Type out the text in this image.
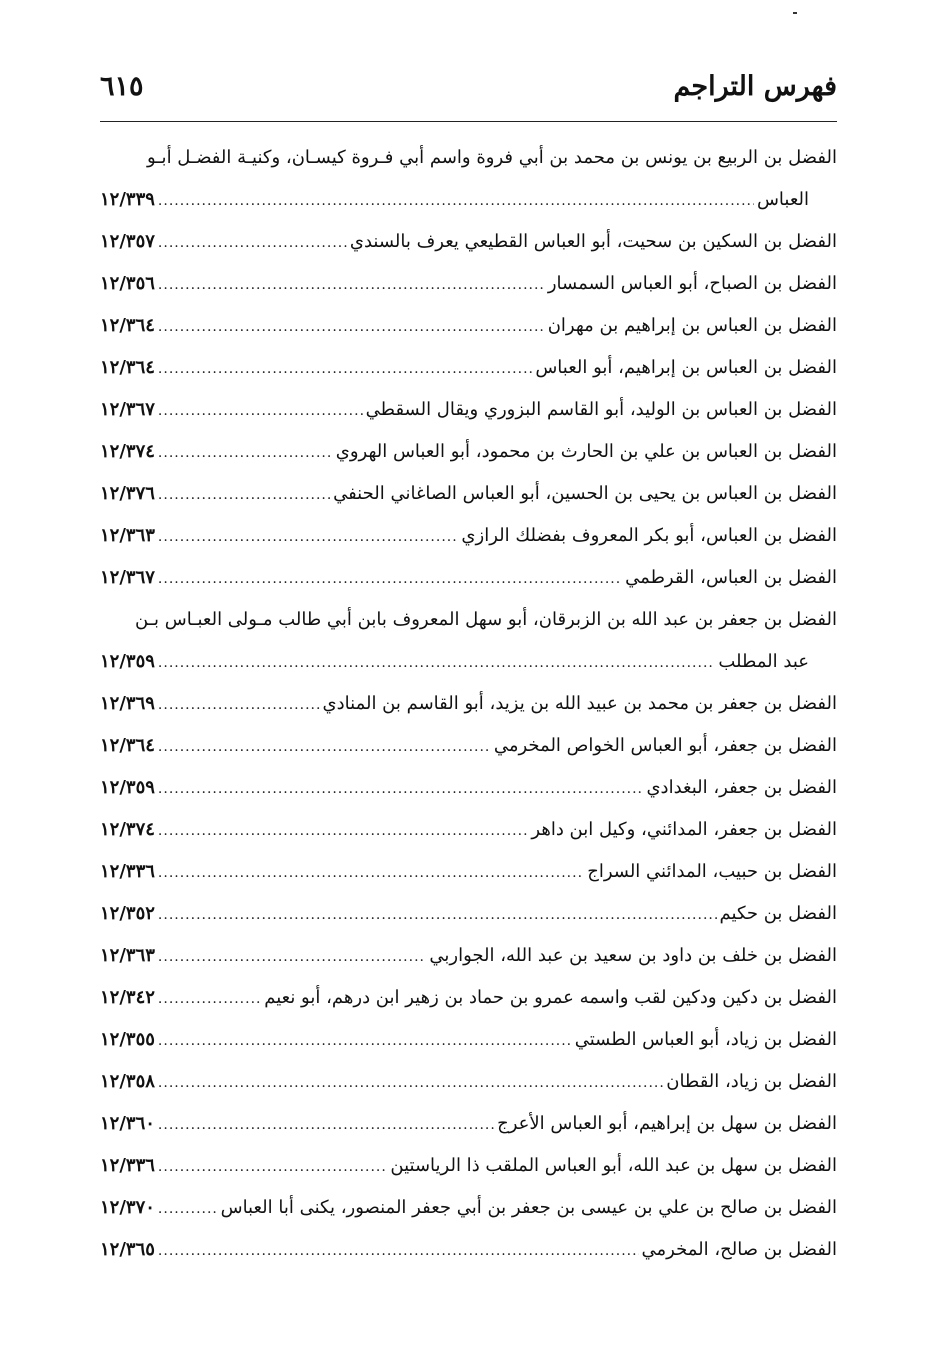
فهرس التراجم
٦١٥
الفضل بن الربيع بن يونس بن محمد بن أبي فروة واسم أبي فـروة كيسـان، وكنيـة الفضـل أبـو
العباس
.....
١٢/٣٣٩
الفضل بن السكين بن سحيت، أبو العباس القطيعي يعرف بالسندي
.....
١٢/٣٥٧
الفضل بن الصباح، أبو العباس السمسار
.....
١٢/٣٥٦
الفضل بن العباس بن إبراهيم بن مهران
.....
١٢/٣٦٤
الفضل بن العباس بن إبراهيم، أبو العباس
.....
١٢/٣٦٤
الفضل بن العباس بن الوليد، أبو القاسم البزوري ويقال السقطي
.....
١٢/٣٦٧
الفضل بن العباس بن علي بن الحارث بن محمود، أبو العباس الهروي
.....
١٢/٣٧٤
الفضل بن العباس بن يحيى بن الحسين، أبو العباس الصاغاني الحنفي
.....
١٢/٣٧٦
الفضل بن العباس، أبو بكر المعروف بفضلك الرازي
.....
١٢/٣٦٣
الفضل بن العباس، القرطمي
.....
١٢/٣٦٧
الفضل بن جعفر بن عبد الله بن الزبرقان، أبو سهل المعروف بابن أبي طالب مـولى العبـاس بـن
عبد المطلب
.....
١٢/٣٥٩
الفضل بن جعفر بن محمد بن عبيد الله بن يزيد، أبو القاسم بن المنادي
.....
١٢/٣٦٩
الفضل بن جعفر، أبو العباس الخواص المخرمي
.....
١٢/٣٦٤
الفضل بن جعفر، البغدادي
.....
١٢/٣٥٩
الفضل بن جعفر، المدائني، وكيل ابن داهر
.....
١٢/٣٧٤
الفضل بن حبيب، المدائني السراج
.....
١٢/٣٣٦
الفضل بن حكيم
.....
١٢/٣٥٢
الفضل بن خلف بن داود بن سعيد بن عبد الله، الجواربي
.....
١٢/٣٦٣
الفضل بن دكين ودكين لقب واسمه عمرو بن حماد بن زهير ابن درهم، أبو نعيم
.....
١٢/٣٤٢
الفضل بن زياد، أبو العباس الطستي
.....
١٢/٣٥٥
الفضل بن زياد، القطان
.....
١٢/٣٥٨
الفضل بن سهل بن إبراهيم، أبو العباس الأعرج
.....
١٢/٣٦٠
الفضل بن سهل بن عبد الله، أبو العباس الملقب ذا الرياستين
.....
١٢/٣٣٦
الفضل بن صالح بن علي بن عيسى بن جعفر بن أبي جعفر المنصور، يكنى أبا العباس
.....
١٢/٣٧٠
الفضل بن صالح، المخرمي
.....
١٢/٣٦٥
